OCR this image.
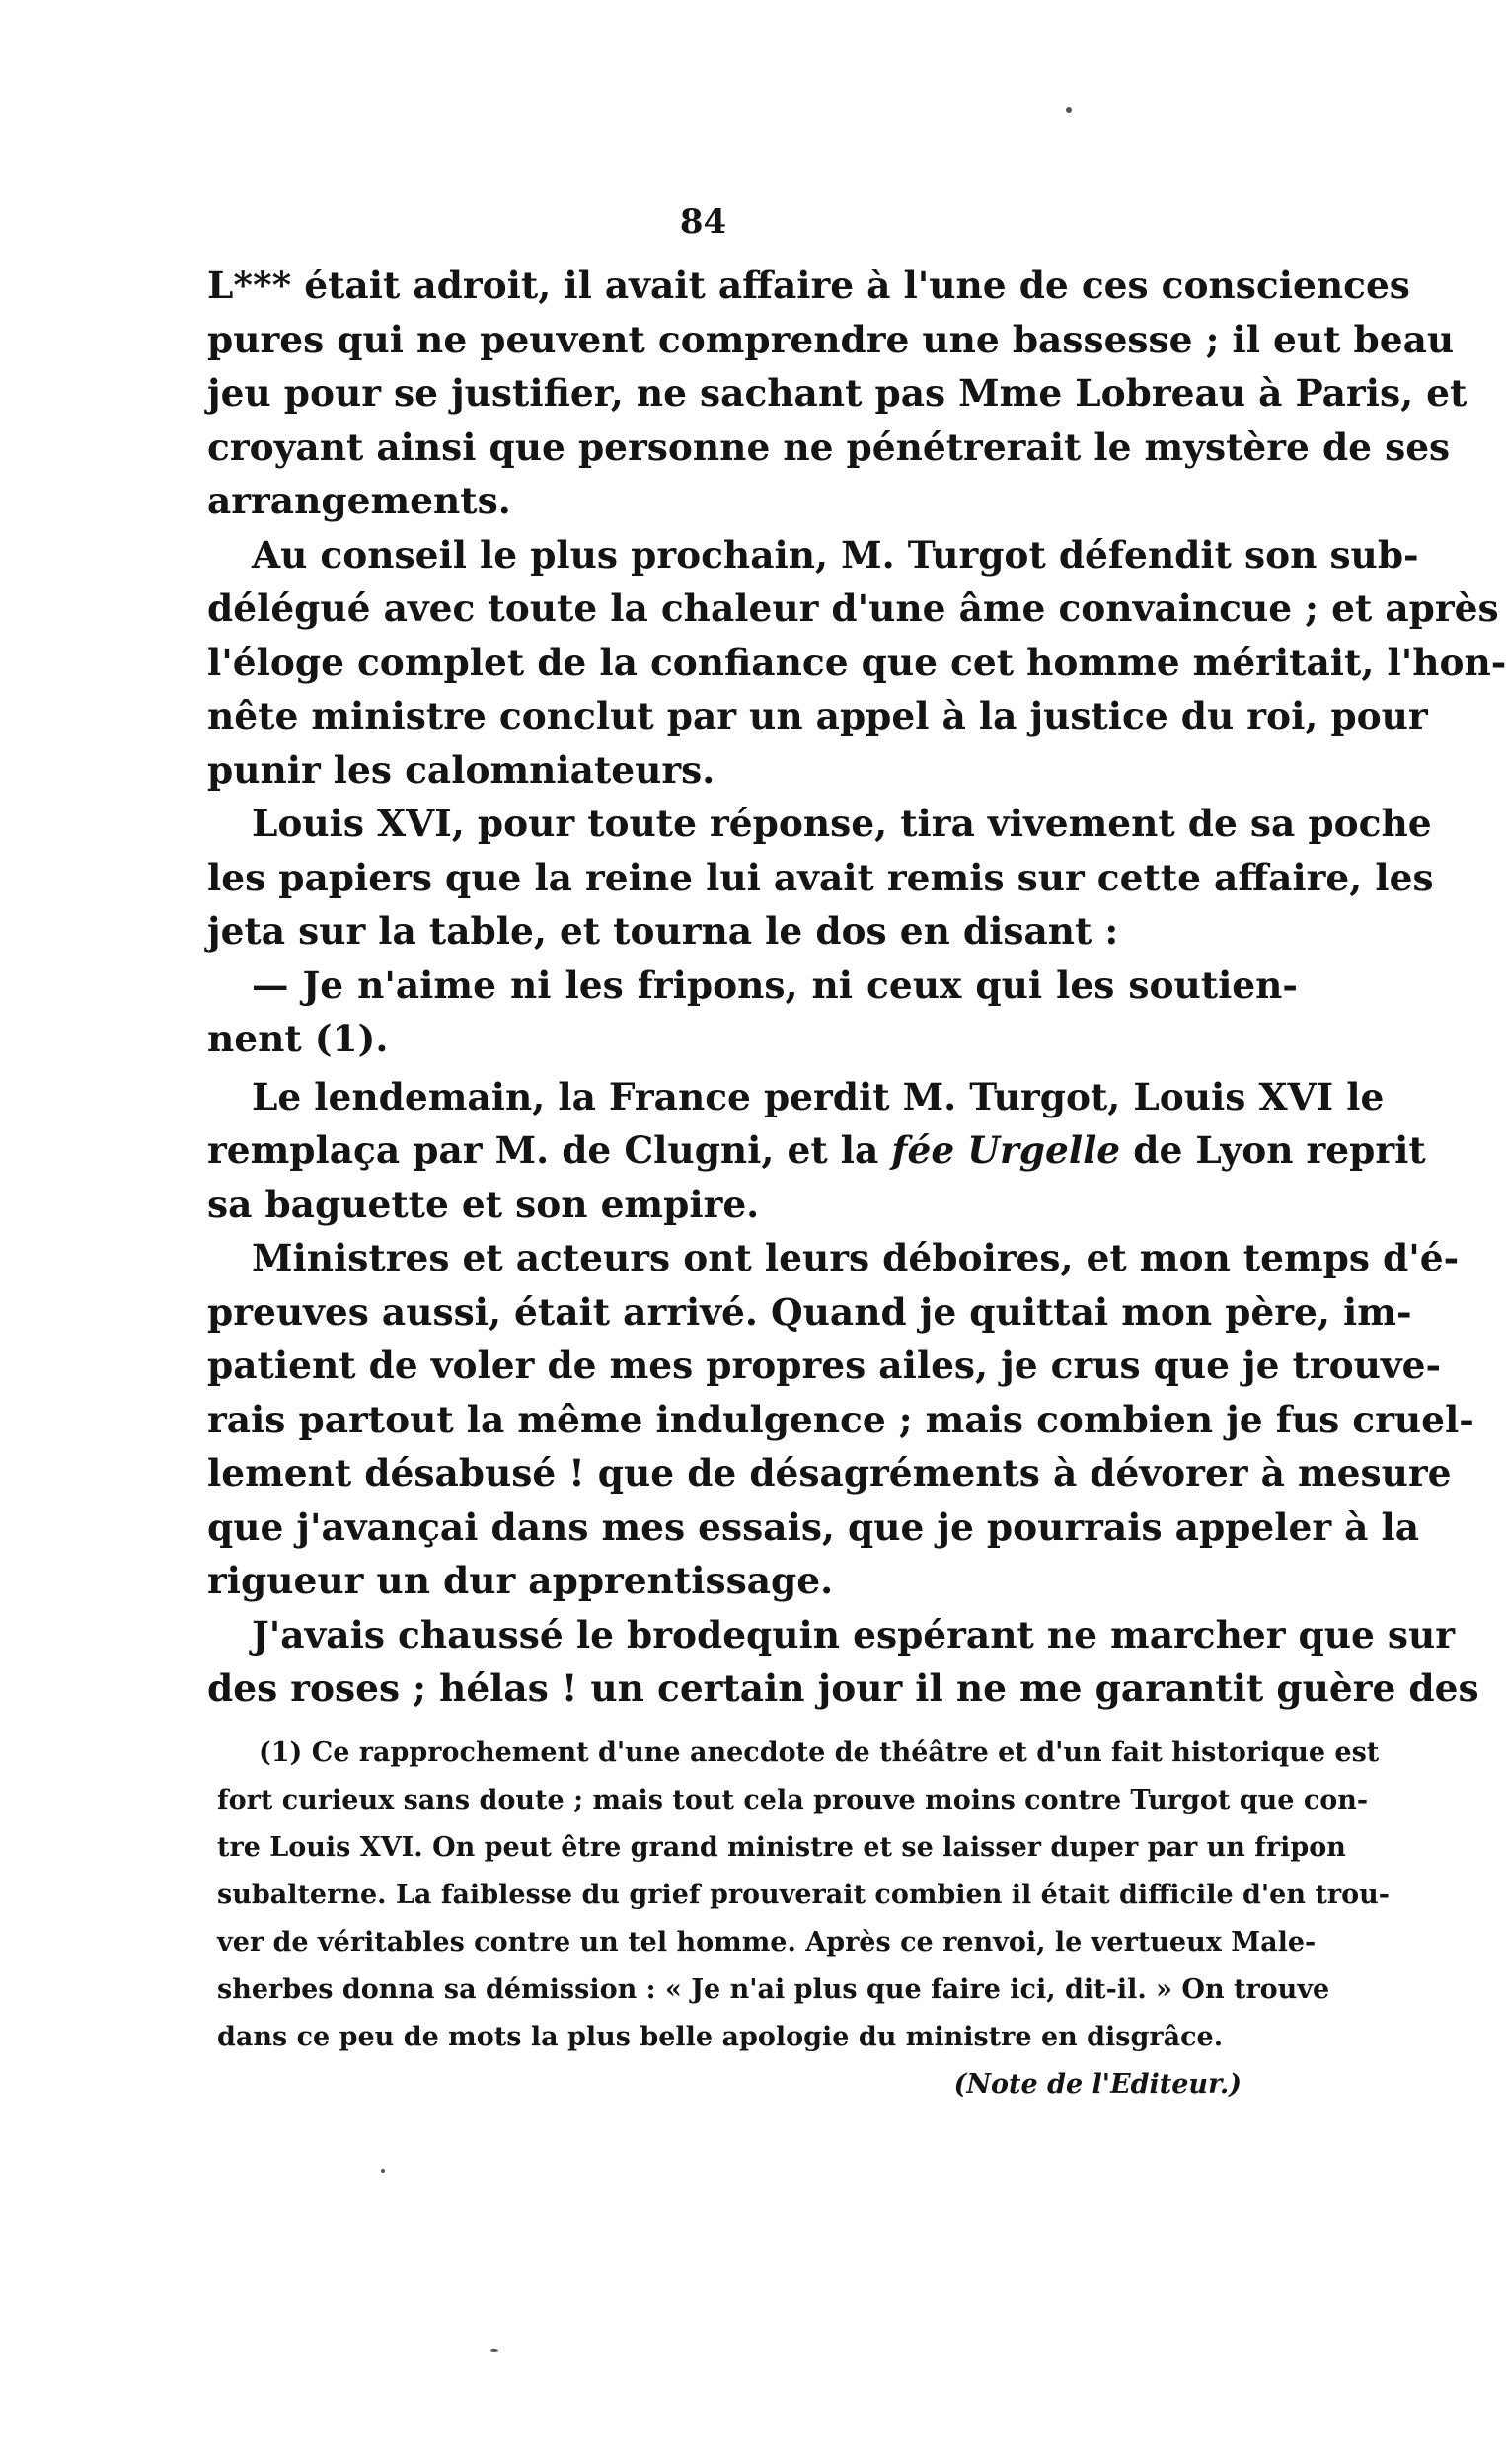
84
L*** était adroit, il avait affaire à l'une de ces consciences
pures qui ne peuvent comprendre une bassesse ; il eut beau
jeu pour se justifier, ne sachant pas Mme Lobreau à Paris, et
croyant ainsi que personne ne pénétrerait le mystère de ses
arrangements.
Au conseil le plus prochain, M. Turgot défendit son sub-
délégué avec toute la chaleur d'une âme convaincue ; et après
l'éloge complet de la confiance que cet homme méritait, l'hon-
nête ministre conclut par un appel à la justice du roi, pour
punir les calomniateurs.
Louis XVI, pour toute réponse, tira vivement de sa poche
les papiers que la reine lui avait remis sur cette affaire, les
jeta sur la table, et tourna le dos en disant :
— Je n'aime ni les fripons, ni ceux qui les soutien-
nent (1).
Le lendemain, la France perdit M. Turgot, Louis XVI le
remplaça par M. de Clugni, et la fée Urgelle de Lyon reprit
sa baguette et son empire.
Ministres et acteurs ont leurs déboires, et mon temps d'é-
preuves aussi, était arrivé. Quand je quittai mon père, im-
patient de voler de mes propres ailes, je crus que je trouve-
rais partout la même indulgence ; mais combien je fus cruel-
lement désabusé ! que de désagréments à dévorer à mesure
que j'avançai dans mes essais, que je pourrais appeler à la
rigueur un dur apprentissage.
J'avais chaussé le brodequin espérant ne marcher que sur
des roses ; hélas ! un certain jour il ne me garantit guère des
(1) Ce rapprochement d'une anecdote de théâtre et d'un fait historique est
fort curieux sans doute ; mais tout cela prouve moins contre Turgot que con-
tre Louis XVI. On peut être grand ministre et se laisser duper par un fripon
subalterne. La faiblesse du grief prouverait combien il était difficile d'en trou-
ver de véritables contre un tel homme. Après ce renvoi, le vertueux Male-
sherbes donna sa démission : « Je n'ai plus que faire ici, dit-il. » On trouve
dans ce peu de mots la plus belle apologie du ministre en disgrâce.
(Note de l'Editeur.)
